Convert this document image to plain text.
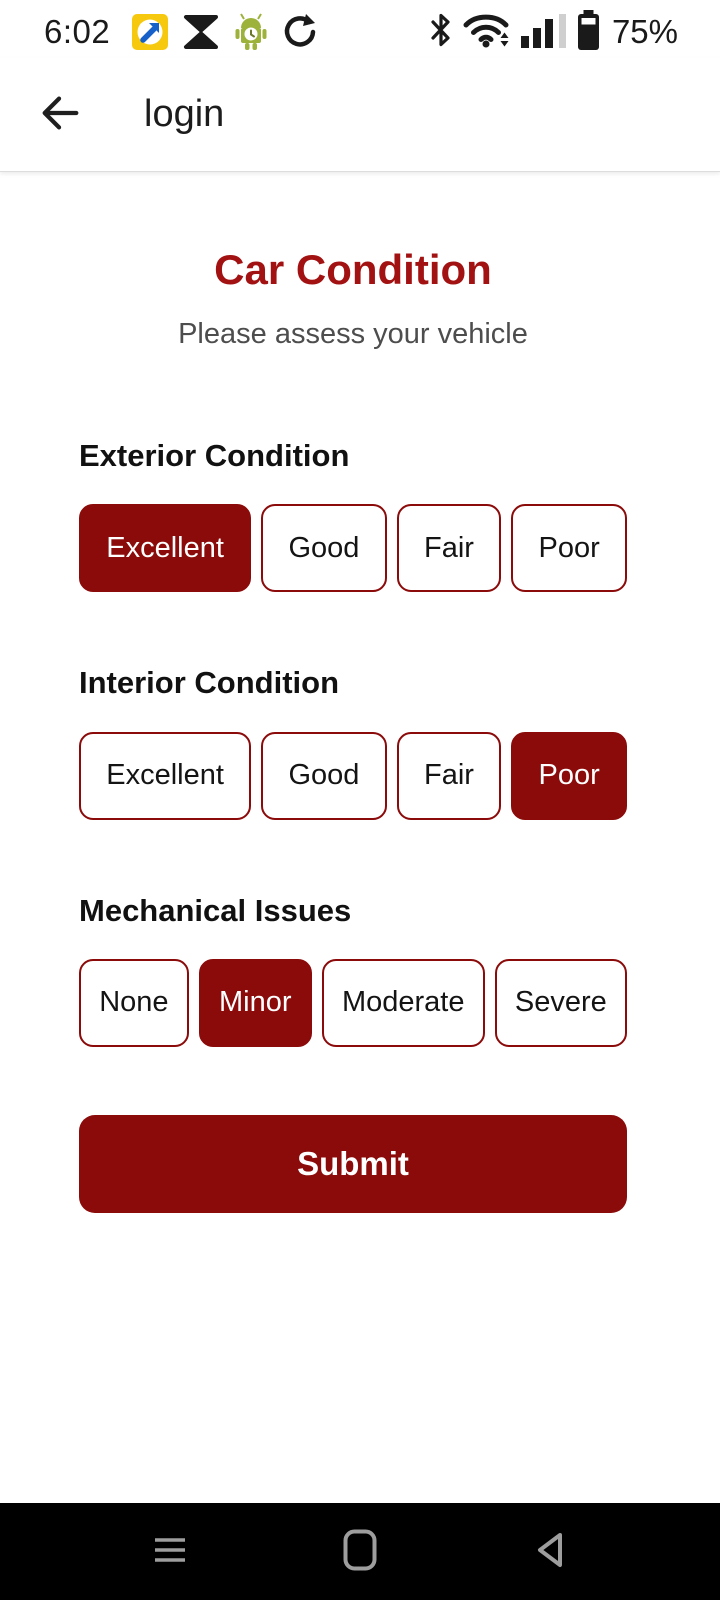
6:02	75%
login
Car Condition

Please assess your vehicle

Exterior Condition
Excellent	Good	Fair	Poor
Interior Condition
Excellent	Good	Fair	Poor
Mechanical Issues
None	Minor	Moderate	Severe
Submit
